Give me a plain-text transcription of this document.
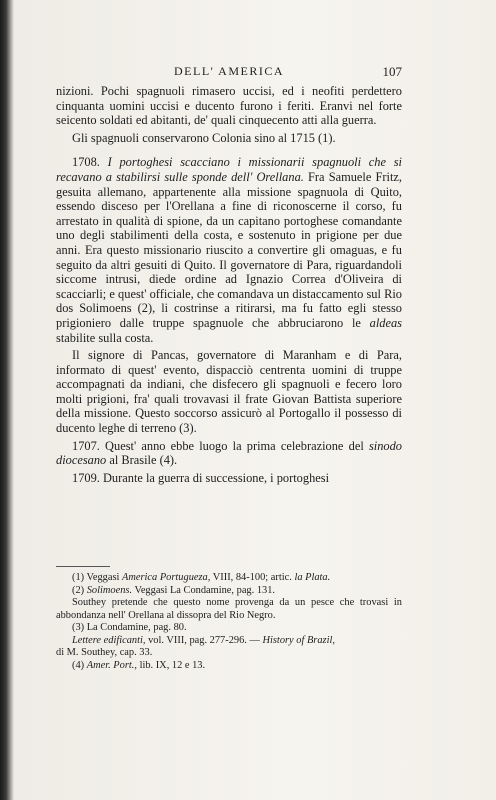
DELL' AMERICA	107

nizioni. Pochi spagnuoli rimasero uccisi, ed i neofiti perdettero cinquanta uomini uccisi e ducento furono i feriti. Eranvi nel forte seicento soldati ed abitanti, de' quali cinquecento atti alla guerra.

Gli spagnuoli conservarono Colonia sino al 1715 (1).

1708. I portoghesi scacciano i missionarii spagnuoli che si recavano a stabilirsi sulle sponde dell' Orellana. Fra Samuele Fritz, gesuita allemano, appartenente alla missione spagnuola di Quito, essendo disceso per l'Orellana a fine di riconoscerne il corso, fu arrestato in qualità di spione, da un capitano portoghese comandante uno degli stabilimenti della costa, e sostenuto in prigione per due anni. Era questo missionario riuscito a convertire gli omaguas, e fu seguito da altri gesuiti di Quito. Il governatore di Para, riguardandoli siccome intrusi, diede ordine ad Ignazio Correa d'Oliveira di scacciarli; e quest' officiale, che comandava un distaccamento sul Rio dos Solimoens (2), li costrinse a ritirarsi, ma fu fatto egli stesso prigioniero dalle truppe spagnuole che abbruciarono le aldeas stabilite sulla costa.

Il signore di Pancas, governatore di Maranham e di Para, informato di quest' evento, dispacciò centrenta uomini di truppe accompagnati da indiani, che disfecero gli spagnuoli e fecero loro molti prigioni, fra' quali trovavasi il frate Giovan Battista superiore della missione. Questo soccorso assicurò al Portogallo il possesso di ducento leghe di terreno (3).

1707. Quest' anno ebbe luogo la prima celebrazione del sinodo diocesano al Brasile (4).

1709. Durante la guerra di successione, i portoghesi

(1) Veggasi America Portugueza, VIII, 84-100; artic. la Plata.

(2) Solimoens. Veggasi La Condamine, pag. 131.

Southey pretende che questo nome provenga da un pesce che trovasi in abbondanza nell' Orellana al dissopra del Rio Negro.

(3) La Condamine, pag. 80.

Lettere edificanti, vol. VIII, pag. 277-296. — History of Brazil,

di M. Southey, cap. 33.

(4) Amer. Port., lib. IX, 12 e 13.
